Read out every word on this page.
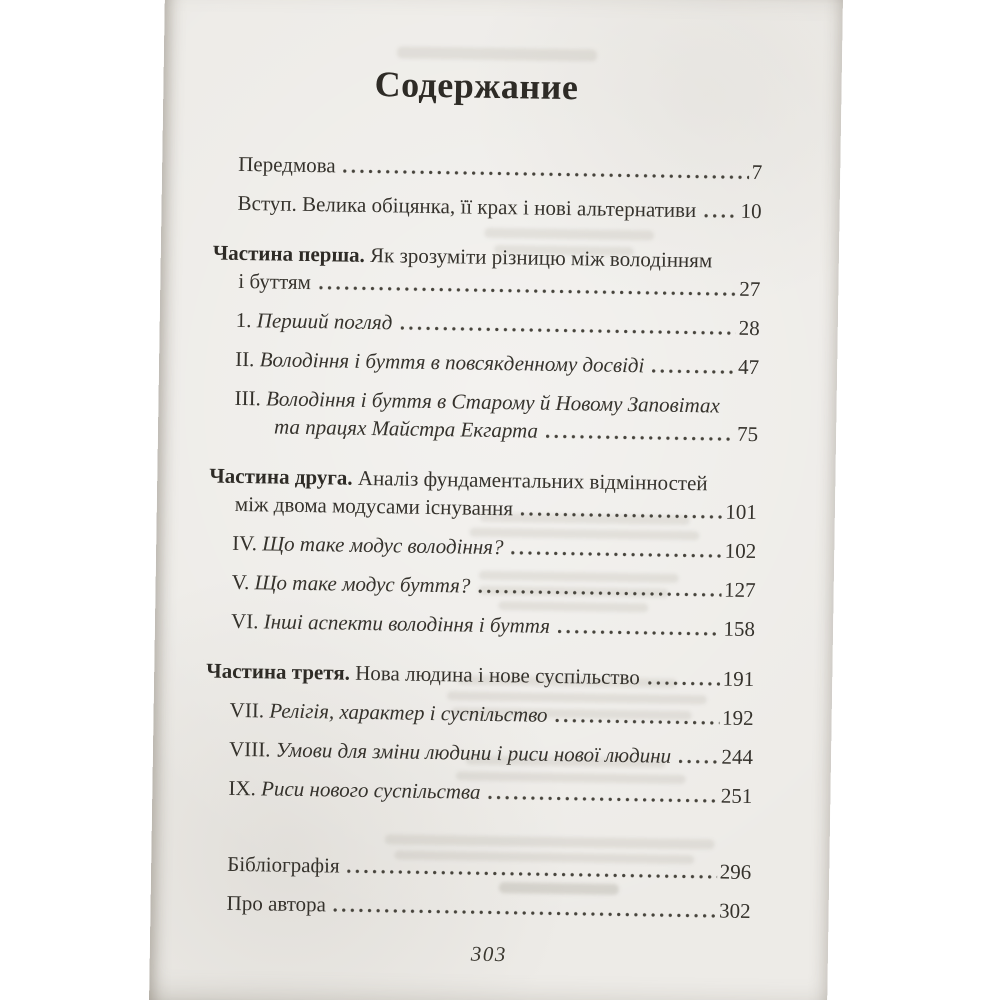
Содержание
Передмова	7
Вступ. Велика обіцянка, її крах і нові альтернативи 10
Частина перша. Як зрозуміти різницю між володінням
і буттям	27
1. Перший погляд	28
II. Володіння і буття в повсякденному досвіді	47
III. Володіння і буття в Старому й Новому Заповітах
та працях Майстра Екгарта	75
Частина друга. Аналіз фундаментальних відмінностей
між двома модусами існування	101
IV. Що таке модус володіння?	102
V. Що таке модус буття?	127
VI. Інші аспекти володіння і буття	158
Частина третя. Нова людина і нове суспільство	191
VII. Релігія, характер і суспільство	192
VIII. Умови для зміни людини і риси нової людини 244
IX. Риси нового суспільства	251
Бібліографія	296
Про автора	302
303
